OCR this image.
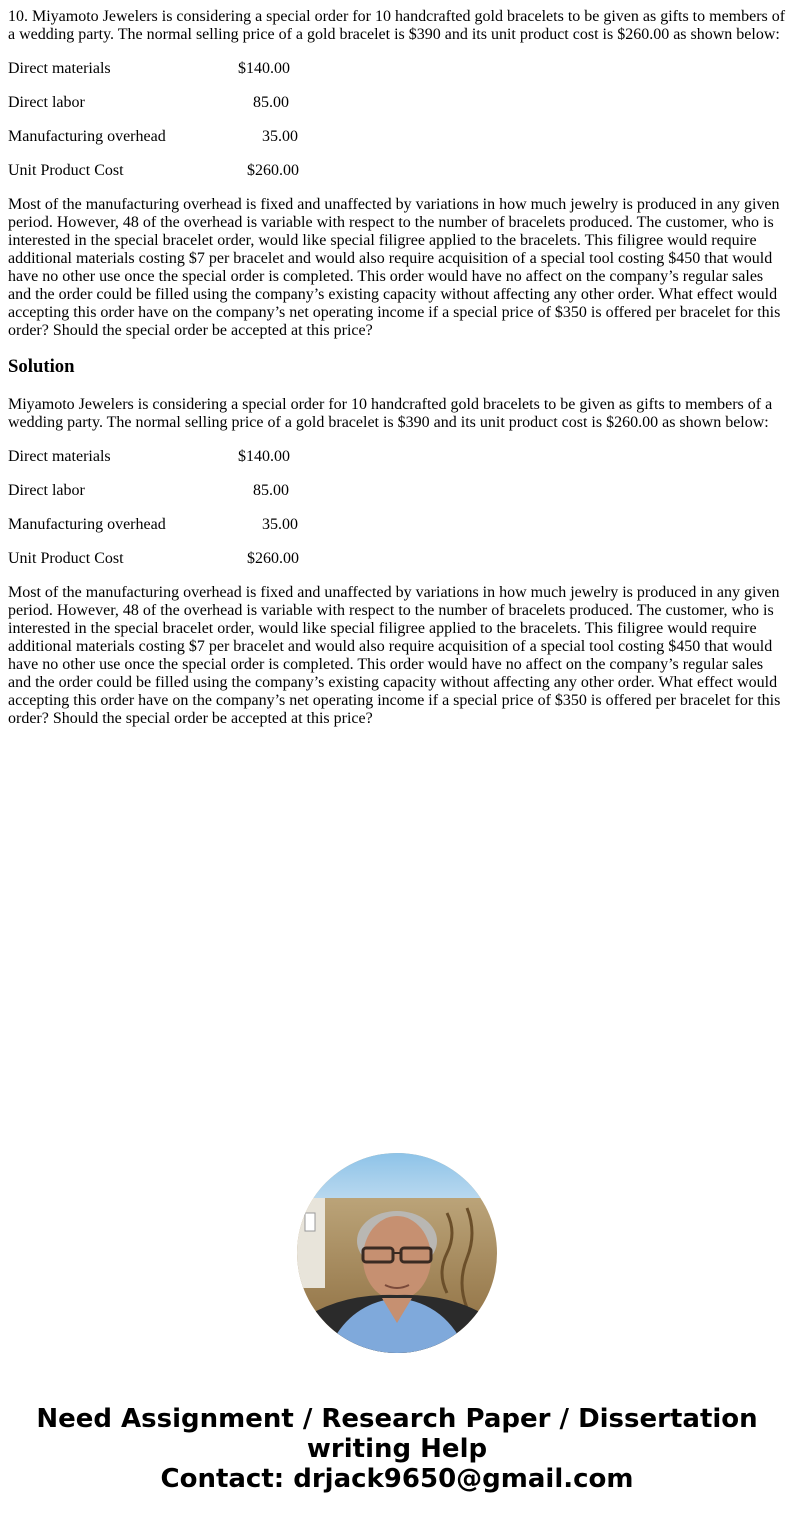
10. Miyamoto Jewelers is considering a special order for 10 handcrafted gold bracelets to be given as gifts to members of a wedding party. The normal selling price of a gold bracelet is $390 and its unit product cost is $260.00 as shown below:

Direct materials	$140.00
Direct labor	85.00
Manufacturing overhead	35.00
Unit Product Cost	$260.00

Most of the manufacturing overhead is fixed and unaffected by variations in how much jewelry is produced in any given period. However, 48 of the overhead is variable with respect to the number of bracelets produced. The customer, who is interested in the special bracelet order, would like special filigree applied to the bracelets. This filigree would require additional materials costing $7 per bracelet and would also require acquisition of a special tool costing $450 that would have no other use once the special order is completed. This order would have no affect on the company’s regular sales and the order could be filled using the company’s existing capacity without affecting any other order. What effect would accepting this order have on the company’s net operating income if a special price of $350 is offered per bracelet for this order? Should the special order be accepted at this price?

Solution

Miyamoto Jewelers is considering a special order for 10 handcrafted gold bracelets to be given as gifts to members of a wedding party. The normal selling price of a gold bracelet is $390 and its unit product cost is $260.00 as shown below:

Direct materials	$140.00
Direct labor	85.00
Manufacturing overhead	35.00
Unit Product Cost	$260.00

Most of the manufacturing overhead is fixed and unaffected by variations in how much jewelry is produced in any given period. However, 48 of the overhead is variable with respect to the number of bracelets produced. The customer, who is interested in the special bracelet order, would like special filigree applied to the bracelets. This filigree would require additional materials costing $7 per bracelet and would also require acquisition of a special tool costing $450 that would have no other use once the special order is completed. This order would have no affect on the company’s regular sales and the order could be filled using the company’s existing capacity without affecting any other order. What effect would accepting this order have on the company’s net operating income if a special price of $350 is offered per bracelet for this order? Should the special order be accepted at this price?

Need Assignment / Research Paper / Dissertation
writing Help
Contact: drjack9650@gmail.com
